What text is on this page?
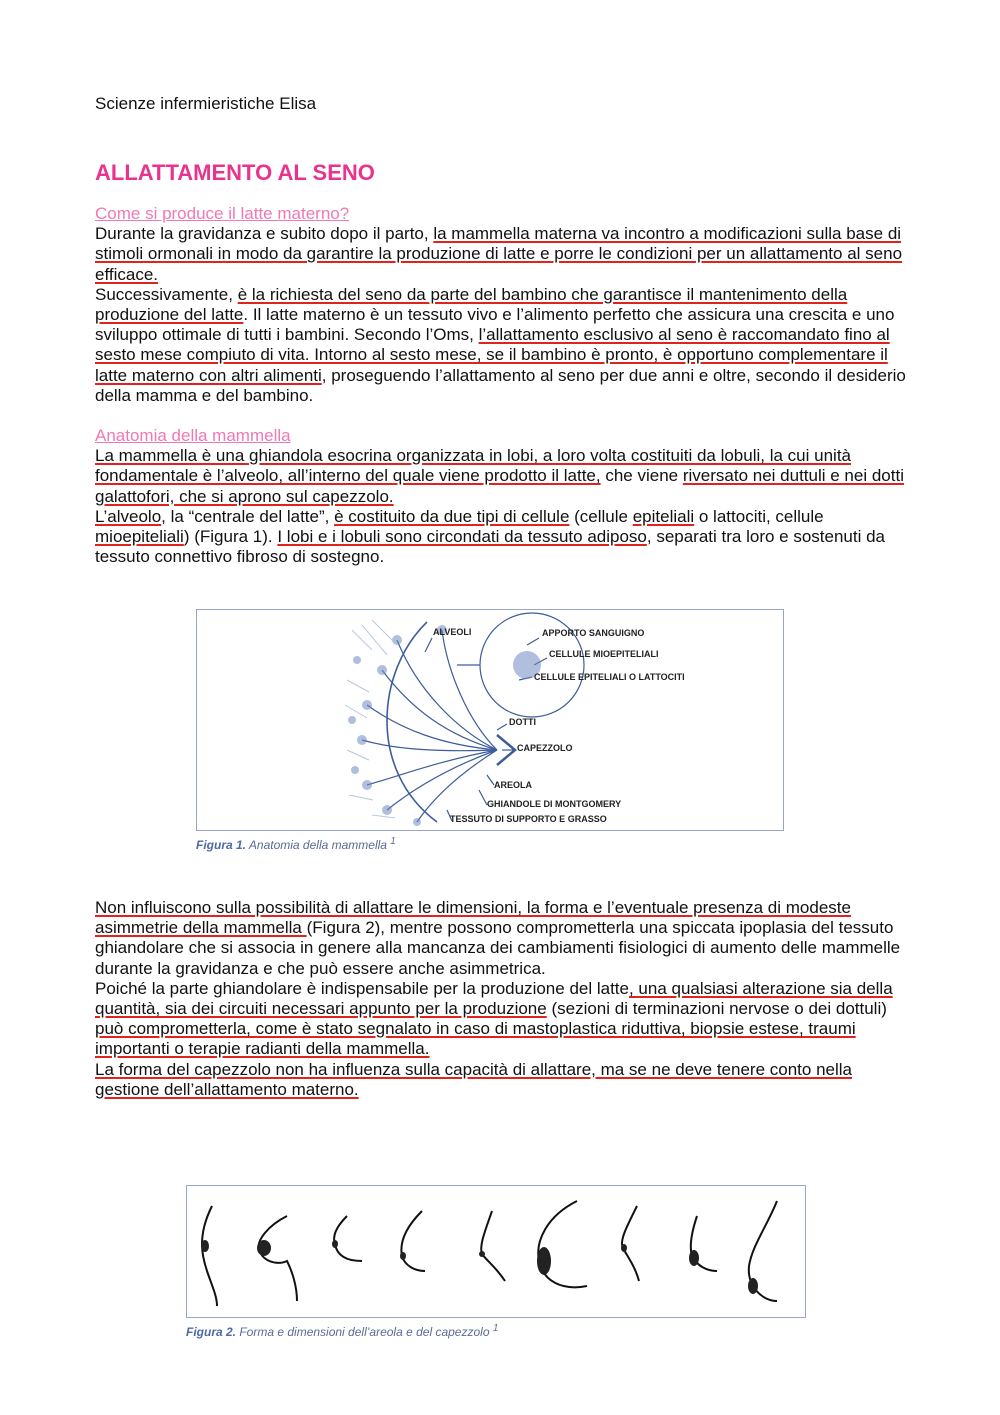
Scienze infermieristiche Elisa
ALLATTAMENTO AL SENO
Come si produce il latte materno?

Durante la gravidanza e subito dopo il parto, la mammella materna va incontro a modificazioni sulla base di stimoli ormonali in modo da garantire la produzione di latte e porre le condizioni per un allattamento al seno efficace.

Successivamente, è la richiesta del seno da parte del bambino che garantisce il mantenimento della produzione del latte. Il latte materno è un tessuto vivo e l’alimento perfetto che assicura una crescita e uno sviluppo ottimale di tutti i bambini. Secondo l’Oms, l’allattamento esclusivo al seno è raccomandato fino al sesto mese compiuto di vita. Intorno al sesto mese, se il bambino è pronto, è opportuno complementare il latte materno con altri alimenti, proseguendo l’allattamento al seno per due anni e oltre, secondo il desiderio della mamma e del bambino.

Anatomia della mammella

La mammella è una ghiandola esocrina organizzata in lobi, a loro volta costituiti da lobuli, la cui unità fondamentale è l’alveolo, all’interno del quale viene prodotto il latte, che viene riversato nei duttuli e nei dotti galattofori, che si aprono sul capezzolo.

L’alveolo, la “centrale del latte”, è costituito da due tipi di cellule (cellule epiteliali o lattociti, cellule mioepiteliali) (Figura 1). I lobi e i lobuli sono circondati da tessuto adiposo, separati tra loro e sostenuti da tessuto connettivo fibroso di sostegno.

ALVEOLI	APPORTO SANGUIGNO
CELLULE MIOEPITELIALI
CELLULE EPITELIALI O LATTOCITI
DOTTI
CAPEZZOLO
AREOLA
GHIANDOLE DI MONTGOMERY
TESSUTO DI SUPPORTO E GRASSO
Figura 1. Anatomia della mammella $^1$

Non influiscono sulla possibilità di allattare le dimensioni, la forma e l’eventuale presenza di modeste asimmetrie della mammella (Figura 2), mentre possono comprometterla una spiccata ipoplasia del tessuto ghiandolare che si associa in genere alla mancanza dei cambiamenti fisiologici di aumento delle mammelle durante la gravidanza e che può essere anche asimmetrica.

Poiché la parte ghiandolare è indispensabile per la produzione del latte, una qualsiasi alterazione sia della quantità, sia dei circuiti necessari appunto per la produzione (sezioni di terminazioni nervose o dei dottuli) può comprometterla, come è stato segnalato in caso di mastoplastica riduttiva, biopsie estese, traumi importanti o terapie radianti della mammella.

La forma del capezzolo non ha influenza sulla capacità di allattare, ma se ne deve tenere conto nella gestione dell’allattamento materno.

Figura 2. Forma e dimensioni dell’areola e del capezzolo $^1$
